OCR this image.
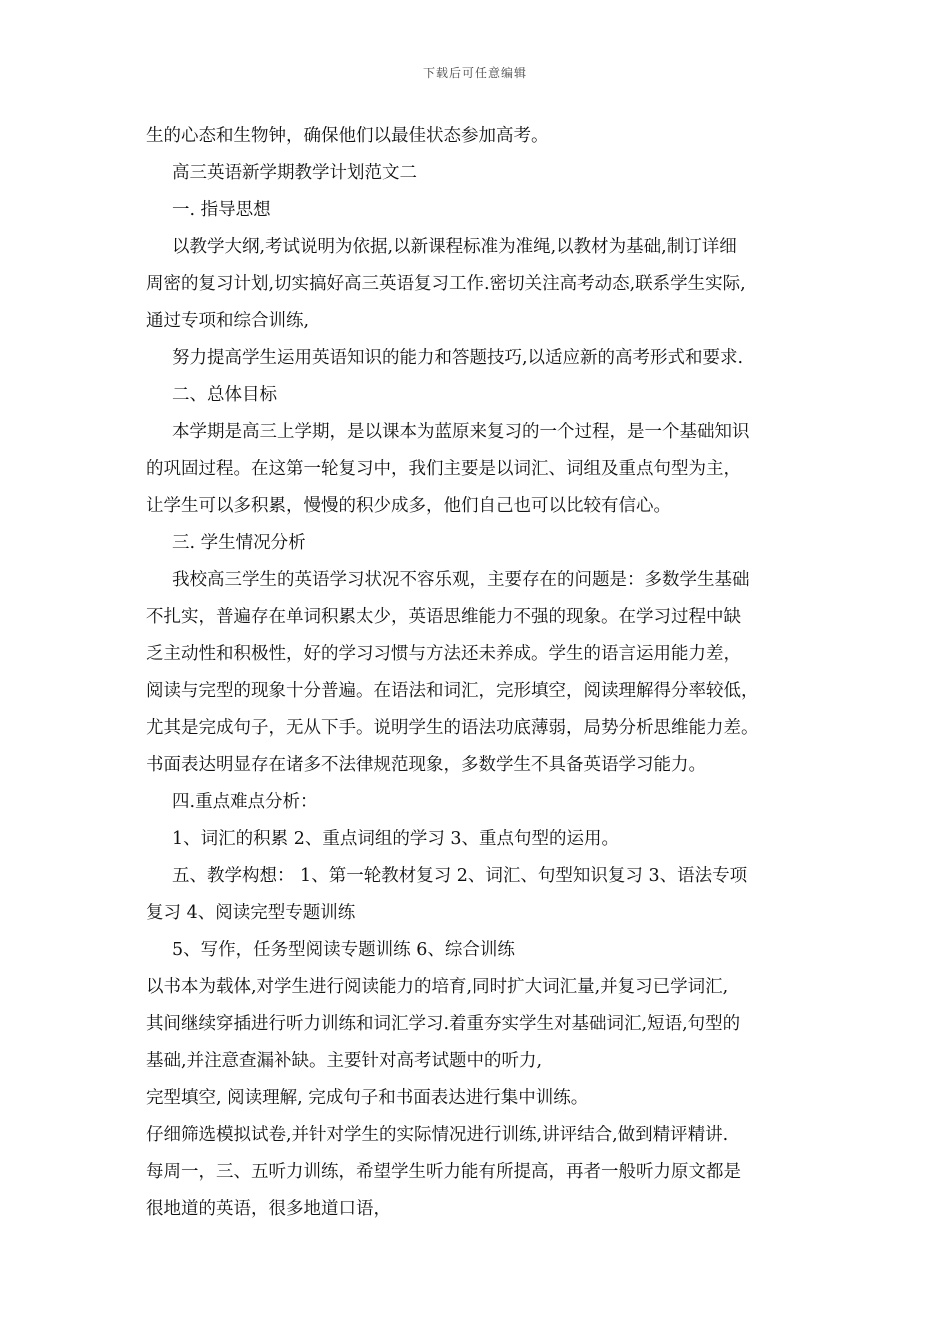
下载后可任意编辑
生的心态和生物钟，确保他们以最佳状态参加高考。
高三英语新学期教学计划范文二
一. 指导思想
以教学大纲,考试说明为依据,以新课程标准为准绳,以教材为基础,制订详细
周密的复习计划,切实搞好高三英语复习工作.密切关注高考动态,联系学生实际,
通过专项和综合训练,
努力提高学生运用英语知识的能力和答题技巧,以适应新的高考形式和要求.
二、总体目标
本学期是高三上学期，是以课本为蓝原来复习的一个过程，是一个基础知识
的巩固过程。在这第一轮复习中，我们主要是以词汇、词组及重点句型为主，
让学生可以多积累，慢慢的积少成多，他们自己也可以比较有信心。
三. 学生情况分析
我校高三学生的英语学习状况不容乐观，主要存在的问题是：多数学生基础
不扎实，普遍存在单词积累太少，英语思维能力不强的现象。在学习过程中缺
乏主动性和积极性，好的学习习惯与方法还未养成。学生的语言运用能力差，
阅读与完型的现象十分普遍。在语法和词汇，完形填空，阅读理解得分率较低，
尤其是完成句子，无从下手。说明学生的语法功底薄弱，局势分析思维能力差。
书面表达明显存在诸多不法律规范现象，多数学生不具备英语学习能力。
四.重点难点分析：
1、词汇的积累 2、重点词组的学习 3、重点句型的运用。
五、教学构想： 1、第一轮教材复习 2、词汇、句型知识复习 3、语法专项
复习 4、阅读完型专题训练
5、写作，任务型阅读专题训练 6、综合训练
以书本为载体,对学生进行阅读能力的培育,同时扩大词汇量,并复习已学词汇,
其间继续穿插进行听力训练和词汇学习.着重夯实学生对基础词汇,短语,句型的
基础,并注意查漏补缺。主要针对高考试题中的听力,
完型填空, 阅读理解, 完成句子和书面表达进行集中训练。
仔细筛选模拟试卷,并针对学生的实际情况进行训练,讲评结合,做到精评精讲.
每周一，三、五听力训练，希望学生听力能有所提高，再者一般听力原文都是
很地道的英语，很多地道口语，
